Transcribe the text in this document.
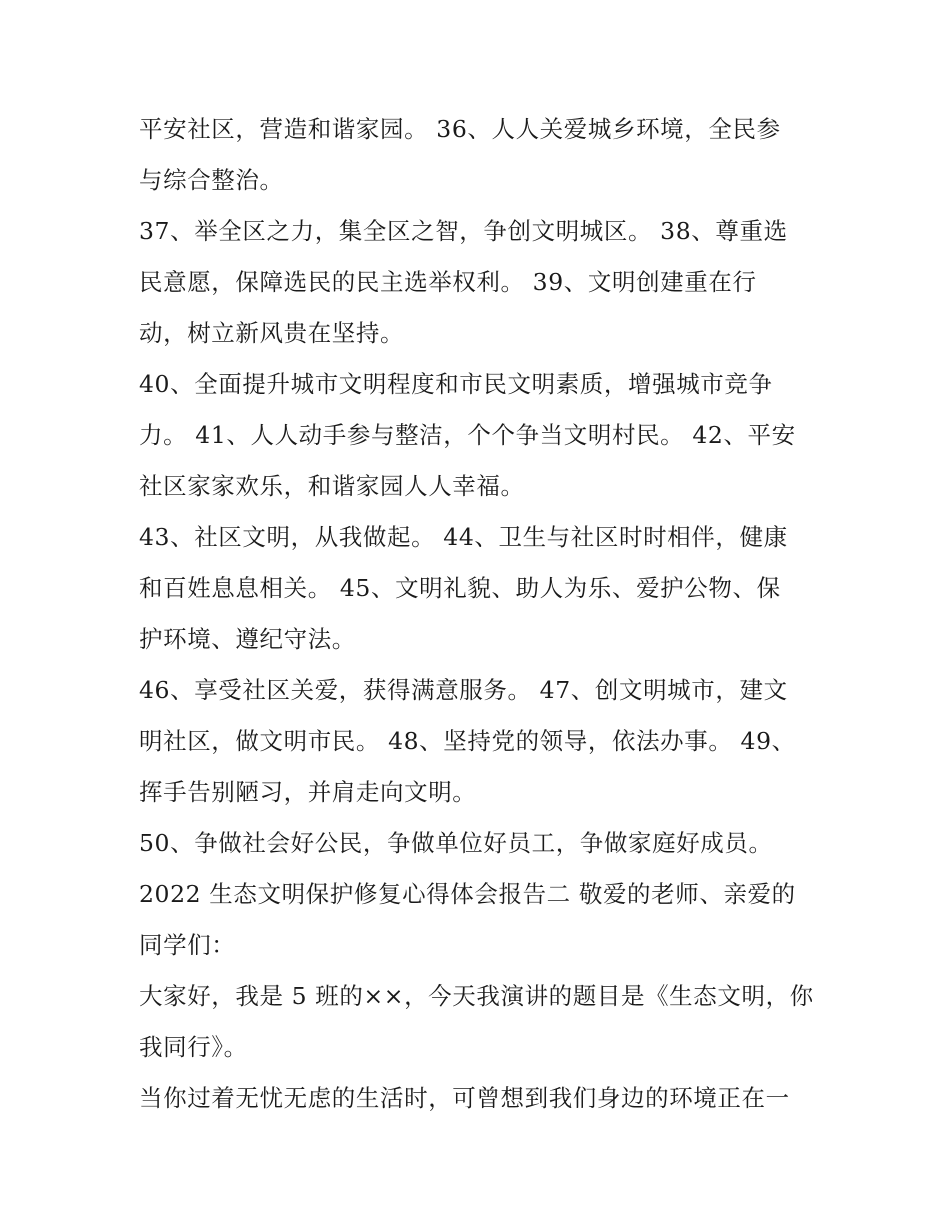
平安社区，营造和谐家园。 36、人人关爱城乡环境，全民参
与综合整治。
37、举全区之力，集全区之智，争创文明城区。 38、尊重选
民意愿，保障选民的民主选举权利。 39、文明创建重在行
动，树立新风贵在坚持。
40、全面提升城市文明程度和市民文明素质，增强城市竞争
力。 41、人人动手参与整洁，个个争当文明村民。 42、平安
社区家家欢乐，和谐家园人人幸福。
43、社区文明，从我做起。 44、卫生与社区时时相伴，健康
和百姓息息相关。 45、文明礼貌、助人为乐、爱护公物、保
护环境、遵纪守法。
46、享受社区关爱，获得满意服务。 47、创文明城市，建文
明社区，做文明市民。 48、坚持党的领导，依法办事。 49、
挥手告别陋习，并肩走向文明。
50、争做社会好公民，争做单位好员工，争做家庭好成员。
2022 生态文明保护修复心得体会报告二 敬爱的老师、亲爱的
同学们：
大家好，我是 5 班的××，今天我演讲的题目是《生态文明，你
我同行》。
当你过着无忧无虑的生活时，可曾想到我们身边的环境正在一
